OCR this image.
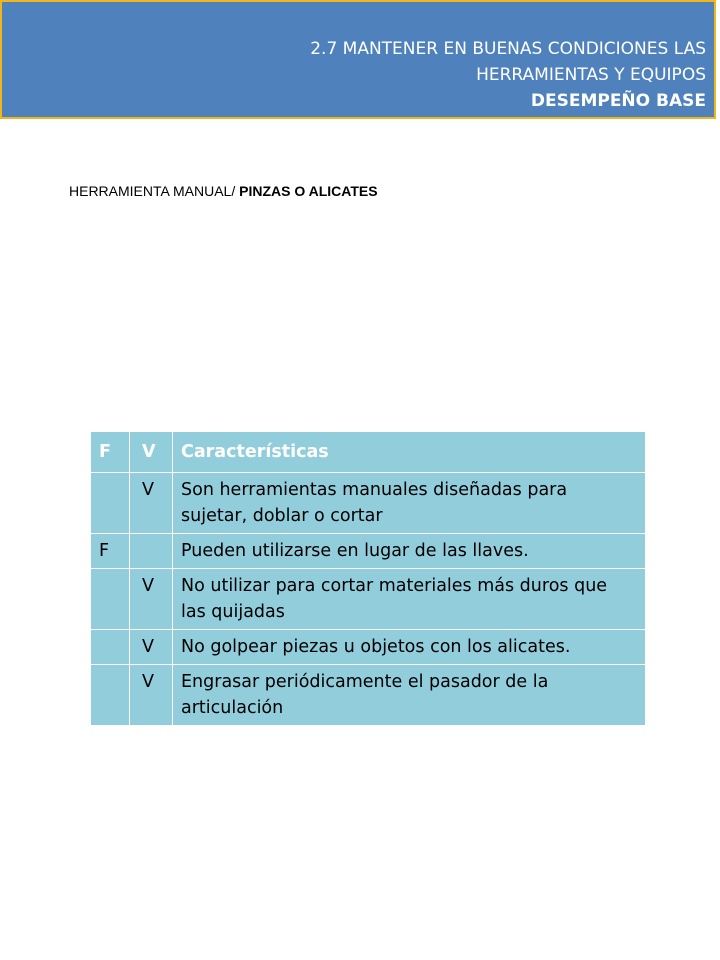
2.7 MANTENER EN BUENAS CONDICIONES LAS
HERRAMIENTAS Y EQUIPOS
DESEMPEÑO BASE
HERRAMIENTA MANUAL/ PINZAS O ALICATES
F	V	Características
	V	Son herramientas manuales diseñadas para sujetar, doblar o cortar
F		Pueden utilizarse en lugar de las llaves.
	V	No utilizar para cortar materiales más duros que las quijadas
	V	No golpear piezas u objetos con los alicates.
	V	Engrasar periódicamente el pasador de la articulación
